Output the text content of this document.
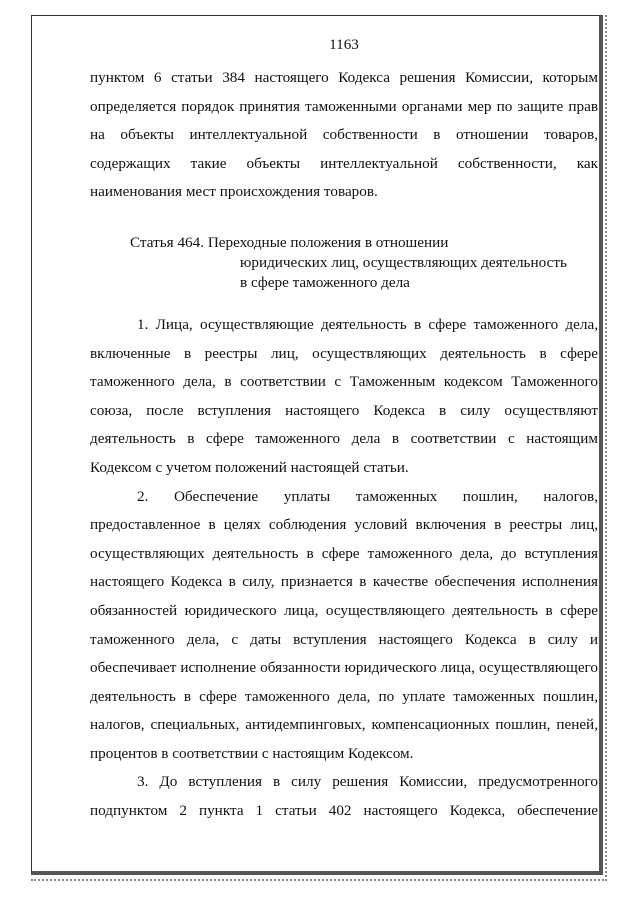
1163

пунктом 6 статьи 384 настоящего Кодекса решения Комиссии, которым определяется порядок принятия таможенными органами мер по защите прав на объекты интеллектуальной собственности в отношении товаров, содержащих такие объекты интеллектуальной собственности, как наименования мест происхождения товаров.

Статья 464. Переходные положения в отношении
юридических лиц, осуществляющих деятельность
в сфере таможенного дела

1. Лица, осуществляющие деятельность в сфере таможенного дела, включенные в реестры лиц, осуществляющих деятельность в сфере таможенного дела, в соответствии с Таможенным кодексом Таможенного союза, после вступления настоящего Кодекса в силу осуществляют деятельность в сфере таможенного дела в соответствии с настоящим Кодексом с учетом положений настоящей статьи.

2. Обеспечение уплаты таможенных пошлин, налогов, предоставленное в целях соблюдения условий включения в реестры лиц, осуществляющих деятельность в сфере таможенного дела, до вступления настоящего Кодекса в силу, признается в качестве обеспечения исполнения обязанностей юридического лица, осуществляющего деятельность в сфере таможенного дела, с даты вступления настоящего Кодекса в силу и обеспечивает исполнение обязанности юридического лица, осуществляющего деятельность в сфере таможенного дела, по уплате таможенных пошлин, налогов, специальных, антидемпинговых, компенсационных пошлин, пеней, процентов в соответствии с настоящим Кодексом.

3. До вступления в силу решения Комиссии, предусмотренного подпунктом 2 пункта 1 статьи 402 настоящего Кодекса, обеспечение
